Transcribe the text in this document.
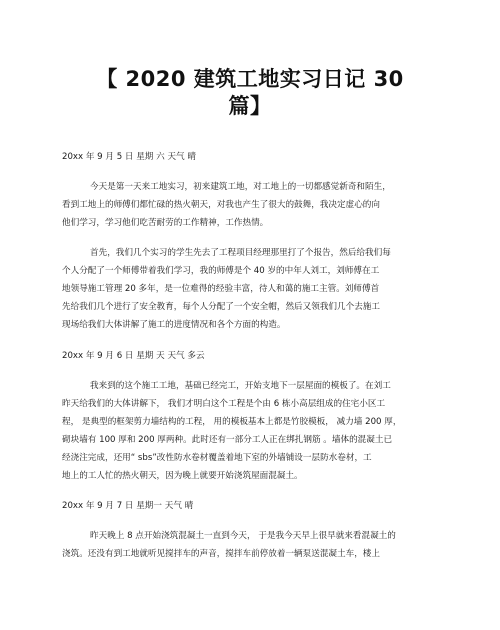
【 2020 建筑工地实习日记 30
篇】
20xx 年 9 月 5 日 星期 六 天气 晴
今天是第一天来工地实习，初来建筑工地，对工地上的一切都感觉新奇和陌生，
看到工地上的师傅们都忙碌的热火朝天，对我也产生了很大的鼓舞，我决定虚心的向
他们学习，学习他们吃苦耐劳的工作精神，工作热情。
首先，我们几个实习的学生先去了工程项目经理那里打了个报告，然后给我们每
个人分配了一个师傅带着我们学习，我的师傅是个 40 岁的中年人刘工，刘师傅在工
地领导施工管理 20 多年，是一位难得的经验丰富，待人和蔼的施工主管。刘师傅首
先给我们几个进行了安全教育，每个人分配了一个安全帽，然后又领我们几个去施工
现场给我们大体讲解了施工的进度情况和各个方面的构造。
20xx 年 9 月 6 日 星期 天 天气 多云
我来到的这个施工工地，基础已经完工，开始支地下一层屋面的模板了。在刘工
昨天给我们的大体讲解下， 我们才明白这个工程是个由 6 栋小高层组成的住宅小区工
程， 是典型的框架剪力墙结构的工程， 用的模板基本上都是竹胶模板， 减力墙 200 厚，
砌块墙有 100 厚和 200 厚两种。此时还有一部分工人正在绑扎钢筋 。墙体的混凝土已
经浇注完成，还用“ sbs”改性防水卷材覆盖着地下室的外墙铺设一层防水卷材，工
地上的工人忙的热火朝天，因为晚上就要开始浇筑屋面混凝土。
20xx 年 9 月 7 日 星期一 天气 晴
昨天晚上 8 点开始浇筑混凝土一直到今天， 于是我今天早上很早就来看混凝土的
浇筑。还没有到工地就听见搅拌车的声音，搅拌车前停放着一辆泵送混凝土车，楼上
